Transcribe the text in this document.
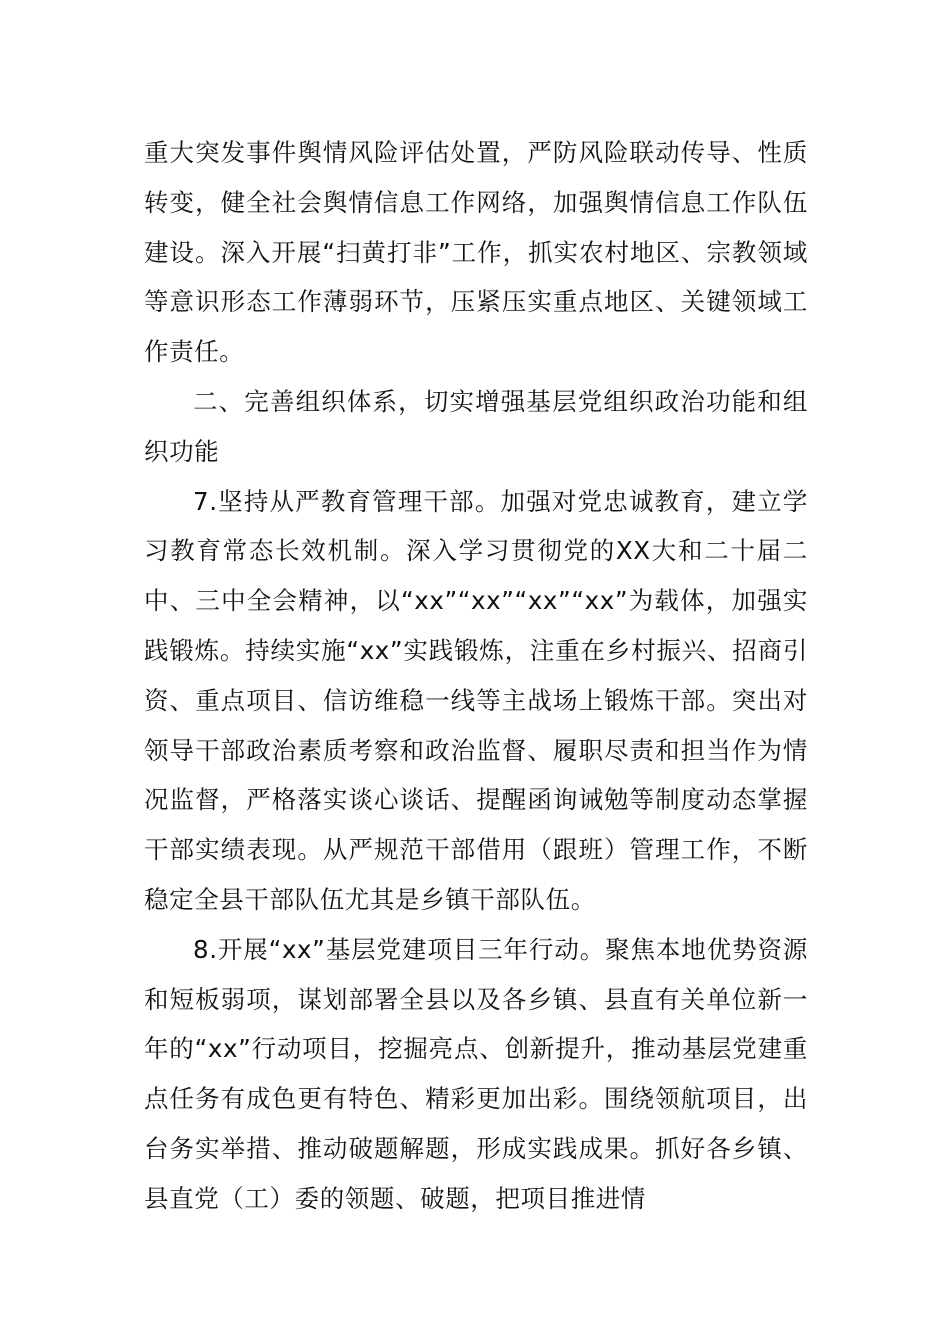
重大突发事件舆情风险评估处置，严防风险联动传导、性质转变，健全社会舆情信息工作网络，加强舆情信息工作队伍建设。深入开展“扫黄打非”工作，抓实农村地区、宗教领域等意识形态工作薄弱环节，压紧压实重点地区、关键领域工作责任。

二、完善组织体系，切实增强基层党组织政治功能和组织功能

7.坚持从严教育管理干部。加强对党忠诚教育，建立学习教育常态长效机制。深入学习贯彻党的XX大和二十届二中、三中全会精神，以“xx”“xx”“xx”“xx”为载体，加强实践锻炼。持续实施“xx”实践锻炼，注重在乡村振兴、招商引资、重点项目、信访维稳一线等主战场上锻炼干部。突出对领导干部政治素质考察和政治监督、履职尽责和担当作为情况监督，严格落实谈心谈话、提醒函询诫勉等制度动态掌握干部实绩表现。从严规范干部借用（跟班）管理工作，不断稳定全县干部队伍尤其是乡镇干部队伍。

8.开展“xx”基层党建项目三年行动。聚焦本地优势资源和短板弱项，谋划部署全县以及各乡镇、县直有关单位新一年的“xx”行动项目，挖掘亮点、创新提升，推动基层党建重点任务有成色更有特色、精彩更加出彩。围绕领航项目，出台务实举措、推动破题解题，形成实践成果。抓好各乡镇、县直党（工）委的领题、破题，把项目推进情
